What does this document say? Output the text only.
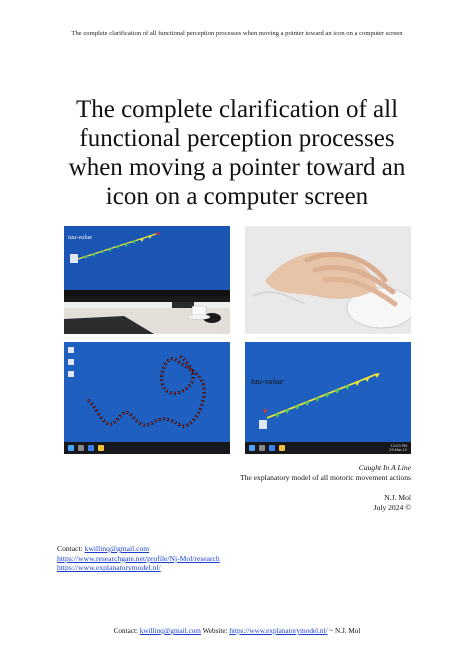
The complete clarification of all functional perception processes when moving a pointer toward an icon on a computer screen
The complete clarification of all
functional perception processes
when moving a pointer toward an
icon on a computer screen
tau-value
tau-value
12:03 PM
29-Mar-15
Caught In A Line
The explanatory model of all motoric movement actions
N.J. Mol
July 2024 ©
Contact: kwillinq@gmail.com
https://www.researchgate.net/profile/Nj-Mol/research
https://www.explanatorymodel.nl/
Contact: kwillinq@gmail.com Website: https://www.explanatorymodel.nl/ ~ N.J. Mol
